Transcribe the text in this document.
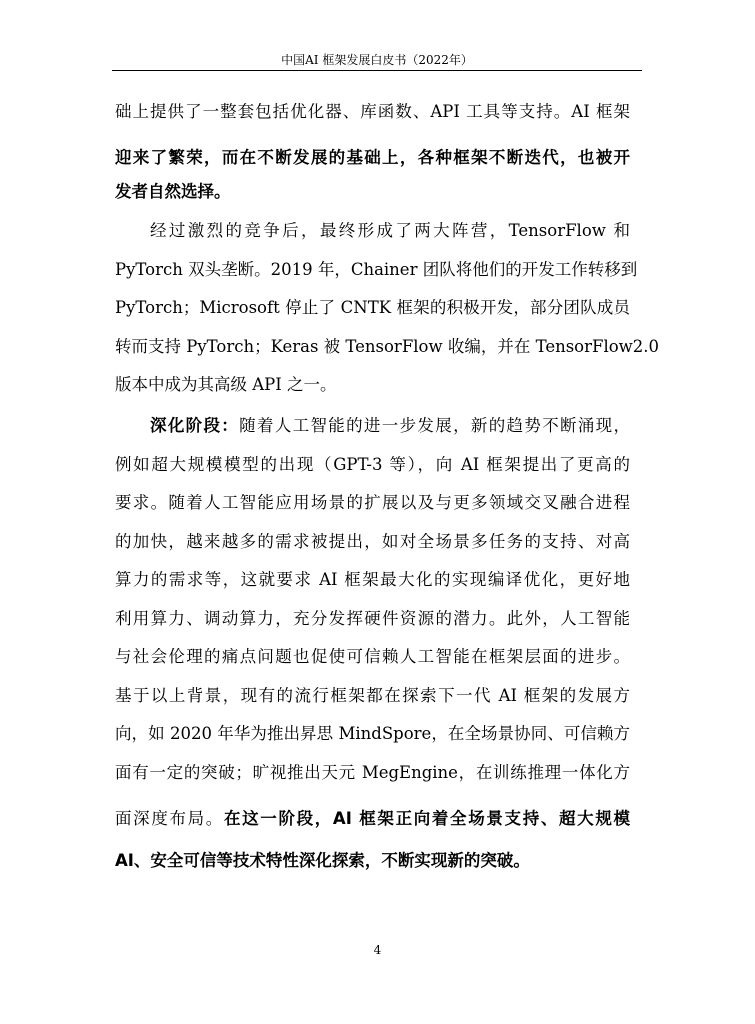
中国AI 框架发展白皮书（2022年）
础上提供了一整套包括优化器、库函数、API 工具等支持。AI 框架
迎来了繁荣，而在不断发展的基础上，各种框架不断迭代，也被开
发者自然选择。
经过激烈的竞争后，最终形成了两大阵营，TensorFlow 和
PyTorch 双头垄断。2019 年，Chainer 团队将他们的开发工作转移到
PyTorch；Microsoft 停止了 CNTK 框架的积极开发，部分团队成员
转而支持 PyTorch；Keras 被 TensorFlow 收编，并在 TensorFlow2.0
版本中成为其高级 API 之一。
深化阶段：随着人工智能的进一步发展，新的趋势不断涌现，
例如超大规模模型的出现（GPT-3 等），向 AI 框架提出了更高的
要求。随着人工智能应用场景的扩展以及与更多领域交叉融合进程
的加快，越来越多的需求被提出，如对全场景多任务的支持、对高
算力的需求等，这就要求 AI 框架最大化的实现编译优化，更好地
利用算力、调动算力，充分发挥硬件资源的潜力。此外，人工智能
与社会伦理的痛点问题也促使可信赖人工智能在框架层面的进步。
基于以上背景，现有的流行框架都在探索下一代 AI 框架的发展方
向，如 2020 年华为推出昇思 MindSpore，在全场景协同、可信赖方
面有一定的突破；旷视推出天元 MegEngine，在训练推理一体化方
面深度布局。在这一阶段，AI 框架正向着全场景支持、超大规模
AI、安全可信等技术特性深化探索，不断实现新的突破。
4
